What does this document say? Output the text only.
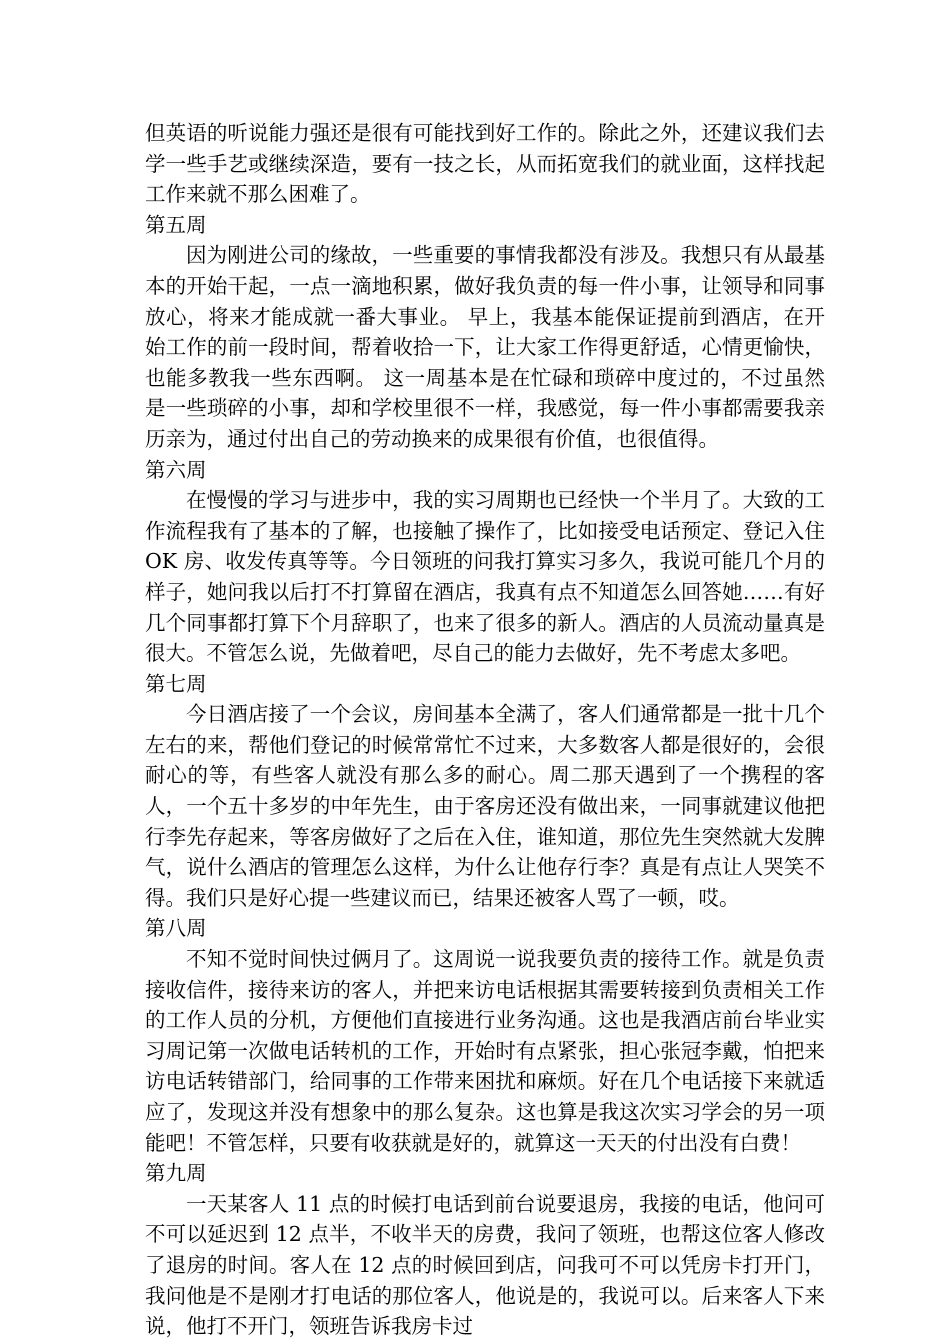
但英语的听说能力强还是很有可能找到好工作的。除此之外，还建议我们去学一些手艺或继续深造，要有一技之长，从而拓宽我们的就业面，这样找起工作来就不那么困难了。

第五周

因为刚进公司的缘故，一些重要的事情我都没有涉及。我想只有从最基本的开始干起，一点一滴地积累，做好我负责的每一件小事，让领导和同事放心，将来才能成就一番大事业。 早上，我基本能保证提前到酒店，在开始工作的前一段时间，帮着收拾一下，让大家工作得更舒适，心情更愉快，也能多教我一些东西啊。 这一周基本是在忙碌和琐碎中度过的，不过虽然是一些琐碎的小事，却和学校里很不一样，我感觉，每一件小事都需要我亲历亲为，通过付出自己的劳动换来的成果很有价值，也很值得。

第六周

在慢慢的学习与进步中，我的实习周期也已经快一个半月了。大致的工作流程我有了基本的了解，也接触了操作了，比如接受电话预定、登记入住 OK 房、收发传真等等。今日领班的问我打算实习多久，我说可能几个月的样子，她问我以后打不打算留在酒店，我真有点不知道怎么回答她……有好几个同事都打算下个月辞职了，也来了很多的新人。酒店的人员流动量真是很大。不管怎么说，先做着吧，尽自己的能力去做好，先不考虑太多吧。

第七周

今日酒店接了一个会议，房间基本全满了，客人们通常都是一批十几个左右的来，帮他们登记的时候常常忙不过来，大多数客人都是很好的，会很耐心的等，有些客人就没有那么多的耐心。周二那天遇到了一个携程的客人，一个五十多岁的中年先生，由于客房还没有做出来，一同事就建议他把行李先存起来，等客房做好了之后在入住，谁知道，那位先生突然就大发脾气，说什么酒店的管理怎么这样，为什么让他存行李？真是有点让人哭笑不得。我们只是好心提一些建议而已，结果还被客人骂了一顿，哎。

第八周

不知不觉时间快过俩月了。这周说一说我要负责的接待工作。就是负责接收信件，接待来访的客人，并把来访电话根据其需要转接到负责相关工作的工作人员的分机，方便他们直接进行业务沟通。这也是我酒店前台毕业实习周记第一次做电话转机的工作，开始时有点紧张，担心张冠李戴，怕把来访电话转错部门，给同事的工作带来困扰和麻烦。好在几个电话接下来就适应了，发现这并没有想象中的那么复杂。这也算是我这次实习学会的另一项能吧！不管怎样，只要有收获就是好的，就算这一天天的付出没有白费！

第九周

一天某客人 11 点的时候打电话到前台说要退房，我接的电话，他问可不可以延迟到 12 点半，不收半天的房费，我问了领班，也帮这位客人修改了退房的时间。客人在 12 点的时候回到店，问我可不可以凭房卡打开门，我问他是不是刚才打电话的那位客人，他说是的，我说可以。后来客人下来说，他打不开门，领班告诉我房卡过
